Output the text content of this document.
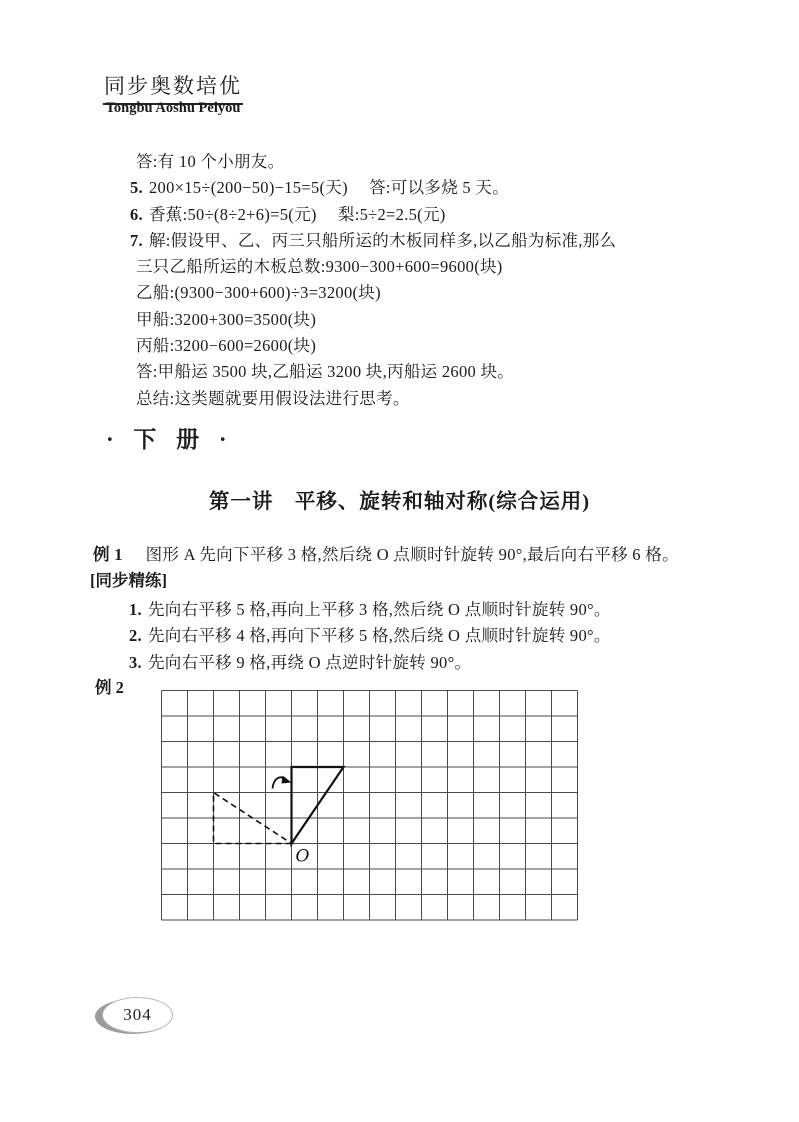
同步奥数培优
Tongbu Aoshu Peiyou

答:有 10 个小朋友。

5. 200×15÷(200−50)−15=5(天)　 答:可以多烧 5 天。

6. 香蕉:50÷(8÷2+6)=5(元)　 梨:5÷2=2.5(元)

7. 解:假设甲、乙、丙三只船所运的木板同样多,以乙船为标准,那么

三只乙船所运的木板总数:9300−300+600=9600(块)

乙船:(9300−300+600)÷3=3200(块)

甲船:3200+300=3500(块)

丙船:3200−600=2600(块)

答:甲船运 3500 块,乙船运 3200 块,丙船运 2600 块。

总结:这类题就要用假设法进行思考。

· 下 册 ·
第一讲　平移、旋转和轴对称(综合运用)

例 1　图形 A 先向下平移 3 格,然后绕 O 点顺时针旋转 90°,最后向右平移 6 格。

[同步精练]

1. 先向右平移 5 格,再向上平移 3 格,然后绕 O 点顺时针旋转 90°。

2. 先向右平移 4 格,再向下平移 5 格,然后绕 O 点顺时针旋转 90°。

3. 先向右平移 9 格,再绕 O 点逆时针旋转 90°。

例 2

O
304
